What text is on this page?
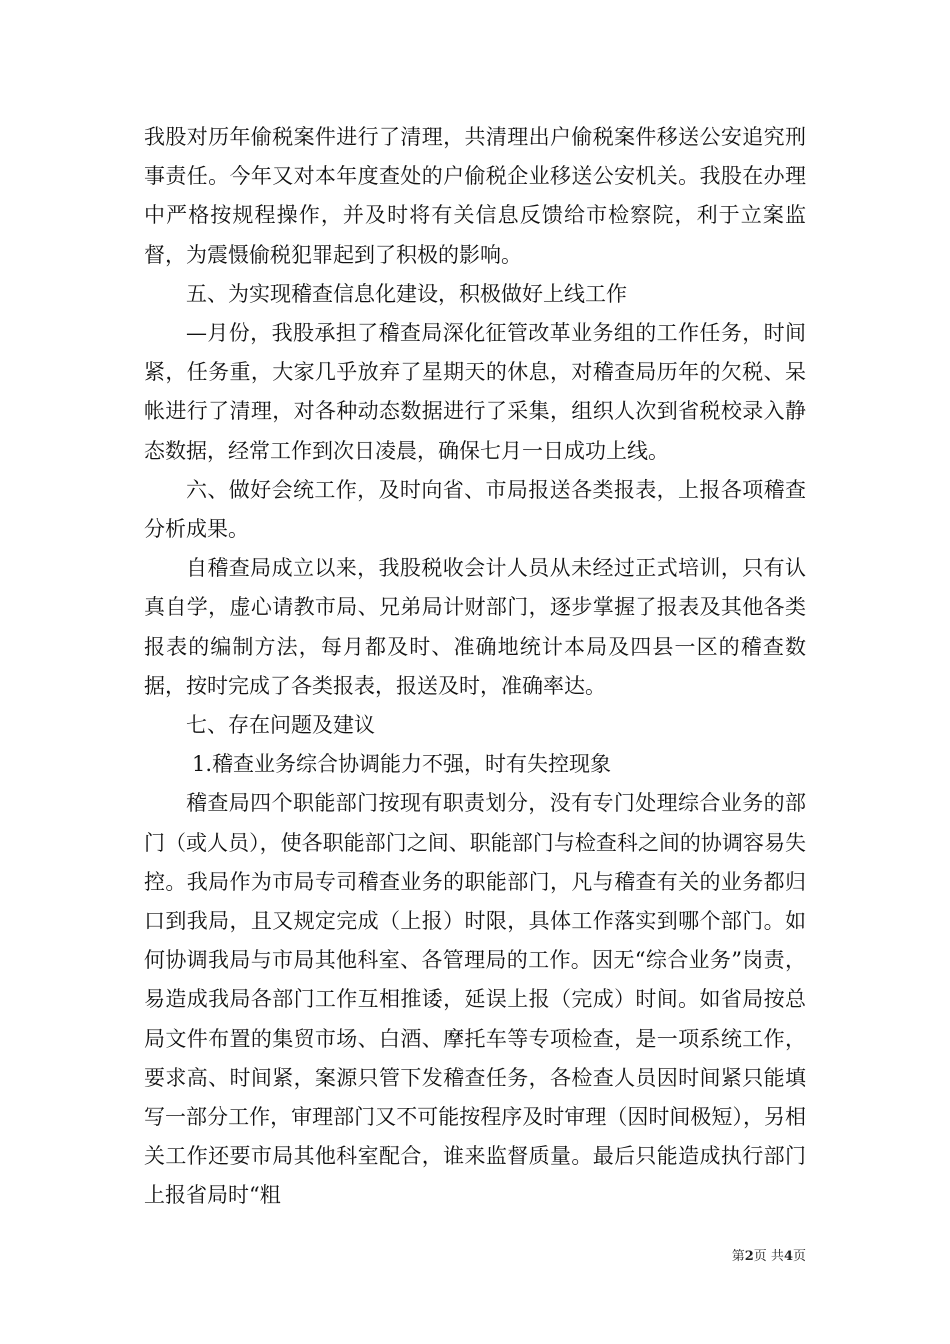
我股对历年偷税案件进行了清理，共清理出户偷税案件移送公安追究刑事责任。今年又对本年度查处的户偷税企业移送公安机关。我股在办理中严格按规程操作，并及时将有关信息反馈给市检察院，利于立案监督，为震慑偷税犯罪起到了积极的影响。

五、为实现稽查信息化建设，积极做好上线工作

—月份，我股承担了稽查局深化征管改革业务组的工作任务，时间紧，任务重，大家几乎放弃了星期天的休息，对稽查局历年的欠税、呆帐进行了清理，对各种动态数据进行了采集，组织人次到省税校录入静态数据，经常工作到次日凌晨，确保七月一日成功上线。

六、做好会统工作，及时向省、市局报送各类报表，上报各项稽查分析成果。

自稽查局成立以来，我股税收会计人员从未经过正式培训，只有认真自学，虚心请教市局、兄弟局计财部门，逐步掌握了报表及其他各类报表的编制方法，每月都及时、准确地统计本局及四县一区的稽查数据，按时完成了各类报表，报送及时，准确率达。

七、存在问题及建议

1.稽查业务综合协调能力不强，时有失控现象

稽查局四个职能部门按现有职责划分，没有专门处理综合业务的部门（或人员），使各职能部门之间、职能部门与检查科之间的协调容易失控。我局作为市局专司稽查业务的职能部门，凡与稽查有关的业务都归口到我局，且又规定完成（上报）时限，具体工作落实到哪个部门。如何协调我局与市局其他科室、各管理局的工作。因无“综合业务”岗责，易造成我局各部门工作互相推诿，延误上报（完成）时间。如省局按总局文件布置的集贸市场、白酒、摩托车等专项检查，是一项系统工作，要求高、时间紧，案源只管下发稽查任务，各检查人员因时间紧只能填写一部分工作，审理部门又不可能按程序及时审理（因时间极短），另相关工作还要市局其他科室配合，谁来监督质量。最后只能造成执行部门上报省局时“粗

第2页 共4页
